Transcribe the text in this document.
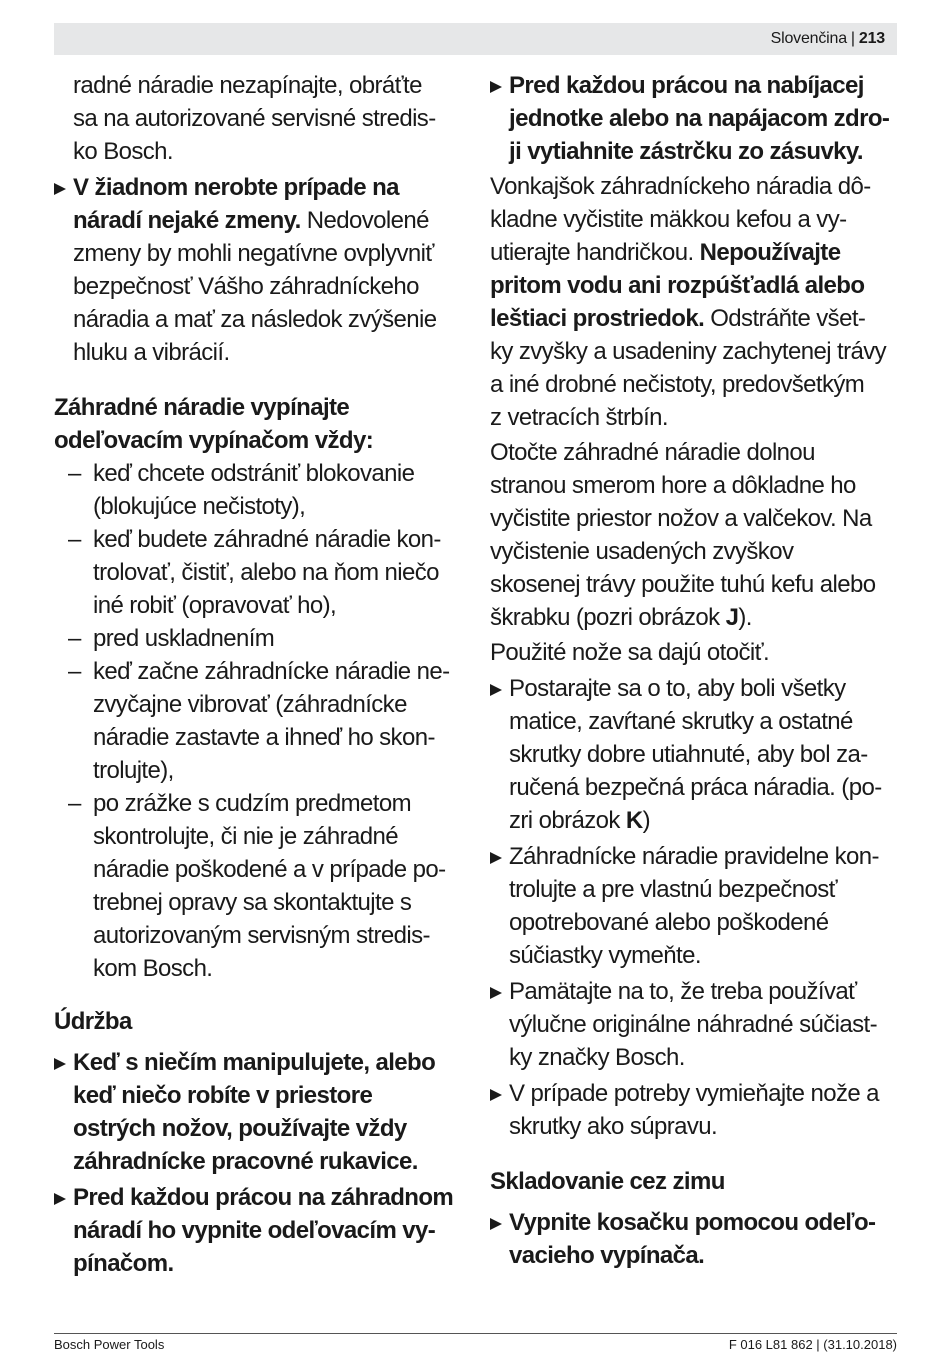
Slovenčina | 213

radné náradie nezapínajte, obráťte
sa na autorizované servisné stredis-
ko Bosch.

V žiadnom nerobte prípade na
náradí nejaké zmeny. Nedovolené
zmeny by mohli negatívne ovplyvniť
bezpečnosť Vášho záhradníckeho
náradia a mať za následok zvýšenie
hluku a vibrácií.

Záhradné náradie vypínajte
odeľovacím vypínačom vždy:

– keď chcete odstrániť blokovanie
(blokujúce nečistoty),

– keď budete záhradné náradie kon-
trolovať, čistiť, alebo na ňom niečo
iné robiť (opravovať ho),

– pred uskladnením

– keď začne záhradnícke náradie ne-
zvyčajne vibrovať (záhradnícke
náradie zastavte a ihneď ho skon-
trolujte),

– po zrážke s cudzím predmetom
skontrolujte, či nie je záhradné
náradie poškodené a v prípade po-
trebnej opravy sa skontaktujte s
autorizovaným servisným stredis-
kom Bosch.

Údržba

Keď s niečím manipulujete, alebo
keď niečo robíte v priestore
ostrých nožov, používajte vždy
záhradnícke pracovné rukavice.

Pred každou prácou na záhradnom
náradí ho vypnite odeľovacím vy-
pínačom.

Pred každou prácou na nabíjacej
jednotke alebo na napájacom zdro-
ji vytiahnite zástrčku zo zásuvky.

Vonkajšok záhradníckeho náradia dô-
kladne vyčistite mäkkou kefou a vy-
utierajte handričkou. Nepoužívajte
pritom vodu ani rozpúšťadlá alebo
leštiaci prostriedok. Odstráňte všet-
ky zvyšky a usadeniny zachytenej trávy
a iné drobné nečistoty, predovšetkým
z vetracích štrbín.

Otočte záhradné náradie dolnou
stranou smerom hore a dôkladne ho
vyčistite priestor nožov a valčekov. Na
vyčistenie usadených zvyškov
skosenej trávy použite tuhú kefu alebo
škrabku (pozri obrázok J).

Použité nože sa dajú otočiť.

Postarajte sa o to, aby boli všetky
matice, zavŕtané skrutky a ostatné
skrutky dobre utiahnuté, aby bol za-
ručená bezpečná práca náradia. (po-
zri obrázok K)

Záhradnícke náradie pravidelne kon-
trolujte a pre vlastnú bezpečnosť
opotrebované alebo poškodené
súčiastky vymeňte.

Pamätajte na to, že treba používať
výlučne originálne náhradné súčiast-
ky značky Bosch.

V prípade potreby vymieňajte nože a
skrutky ako súpravu.

Skladovanie cez zimu

Vypnite kosačku pomocou odeľo-
vacieho vypínača.

Bosch Power Tools	F 016 L81 862 | (31.10.2018)
